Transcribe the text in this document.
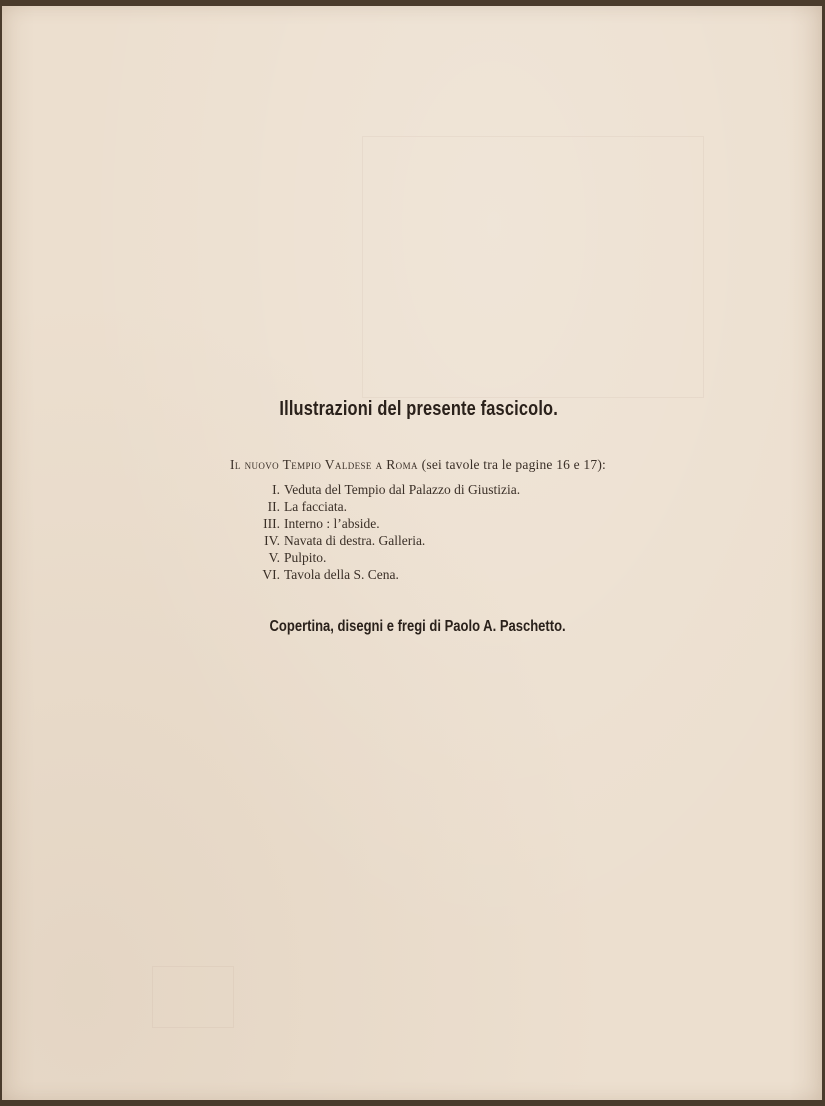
Illustrazioni del presente fascicolo.
Il nuovo Tempio Valdese a Roma (sei tavole tra le pagine 16 e 17):
I. Veduta del Tempio dal Palazzo di Giustizia.
II. La facciata.
III. Interno : l’abside.
IV. Navata di destra. Galleria.
V. Pulpito.
VI. Tavola della S. Cena.
Copertina, disegni e fregi di Paolo A. Paschetto.
